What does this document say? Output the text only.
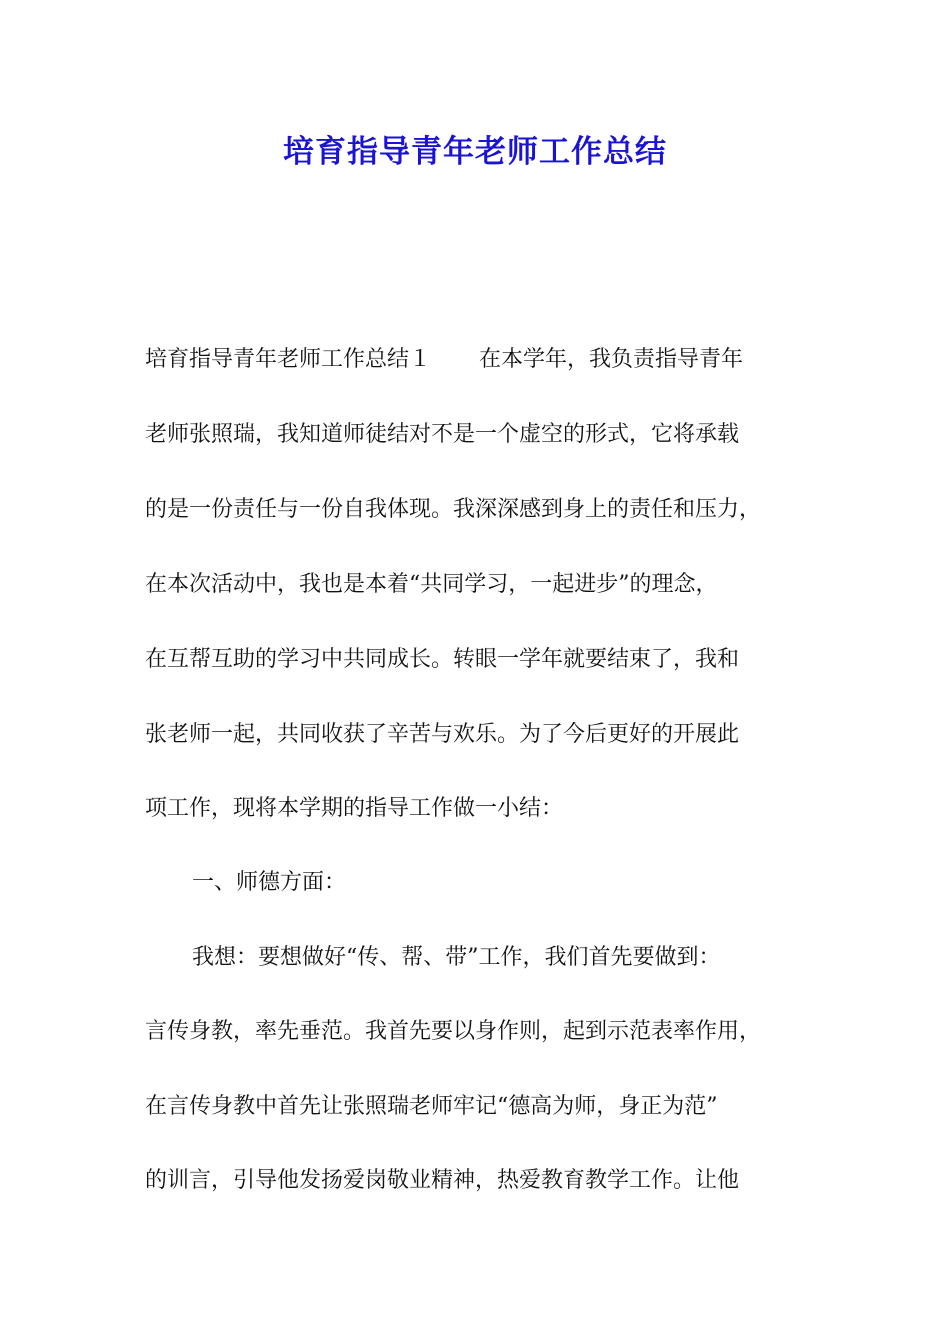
培育指导青年老师工作总结
培育指导青年老师工作总结１ 在本学年，我负责指导青年
老师张照瑞，我知道师徒结对不是一个虚空的形式，它将承载
的是一份责任与一份自我体现。我深深感到身上的责任和压力，
在本次活动中，我也是本着“共同学习，一起进步”的理念，
在互帮互助的学习中共同成长。转眼一学年就要结束了，我和
张老师一起，共同收获了辛苦与欢乐。为了今后更好的开展此
项工作，现将本学期的指导工作做一小结：
一、师德方面：
我想：要想做好“传、帮、带”工作，我们首先要做到：
言传身教，率先垂范。我首先要以身作则，起到示范表率作用，
在言传身教中首先让张照瑞老师牢记“德高为师，身正为范”
的训言，引导他发扬爱岗敬业精神，热爱教育教学工作。让他
